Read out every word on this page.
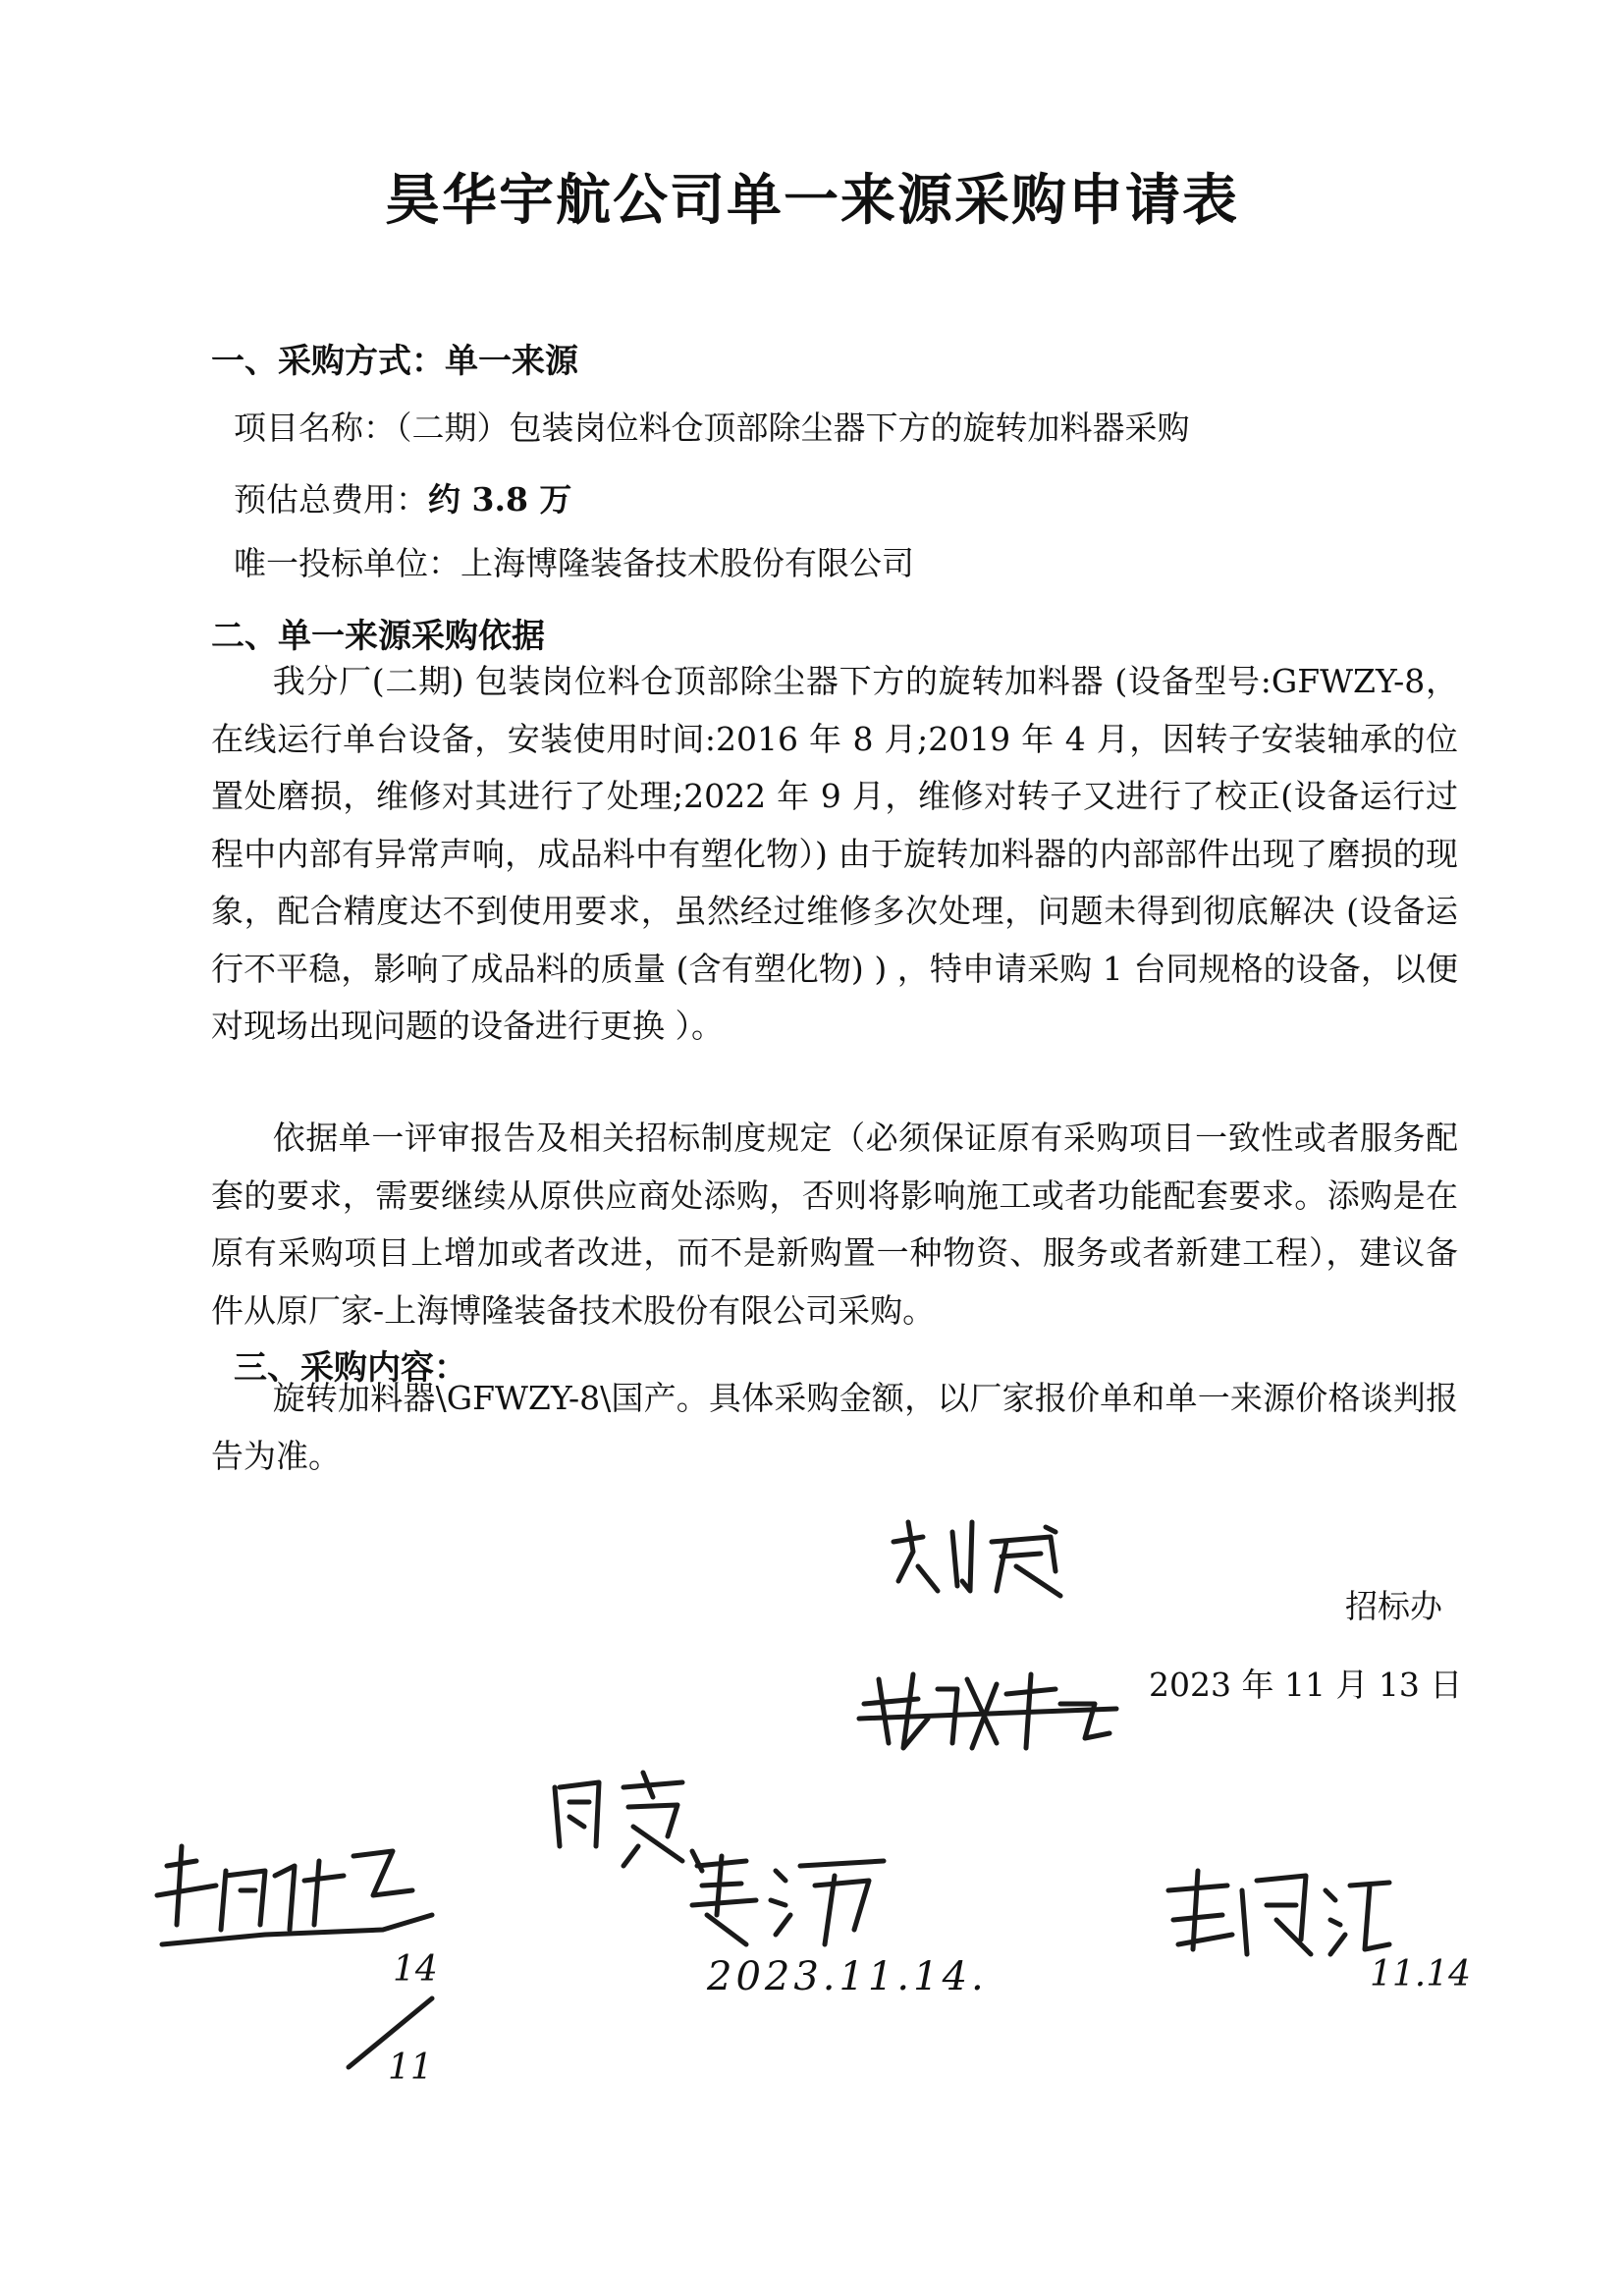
昊华宇航公司单一来源采购申请表
一、采购方式：单一来源
项目名称：（二期）包装岗位料仓顶部除尘器下方的旋转加料器采购
预估总费用：约 3.8 万
唯一投标单位：上海博隆装备技术股份有限公司
二、单一来源采购依据
我分厂(二期) 包装岗位料仓顶部除尘器下方的旋转加料器 (设备型号:GFWZY-8，在线运行单台设备，安装使用时间:2016 年 8 月;2019 年 4 月，因转子安装轴承的位置处磨损，维修对其进行了处理;2022 年 9 月，维修对转子又进行了校正(设备运行过程中内部有异常声响，成品料中有塑化物）) 由于旋转加料器的内部部件出现了磨损的现象，配合精度达不到使用要求，虽然经过维修多次处理，问题未得到彻底解决 (设备运行不平稳，影响了成品料的质量 (含有塑化物) ) ，特申请采购 1 台同规格的设备，以便对现场出现问题的设备进行更换 ）。
依据单一评审报告及相关招标制度规定（必须保证原有采购项目一致性或者服务配套的要求，需要继续从原供应商处添购，否则将影响施工或者功能配套要求。添购是在原有采购项目上增加或者改进，而不是新购置一种物资、服务或者新建工程），建议备件从原厂家-上海博隆装备技术股份有限公司采购。
三、采购内容：
旋转加料器\GFWZY-8\国产。具体采购金额，以厂家报价单和单一来源价格谈判报告为准。
招标办
2023 年 11 月 13 日
14
11
2023.11.14.	11.14
